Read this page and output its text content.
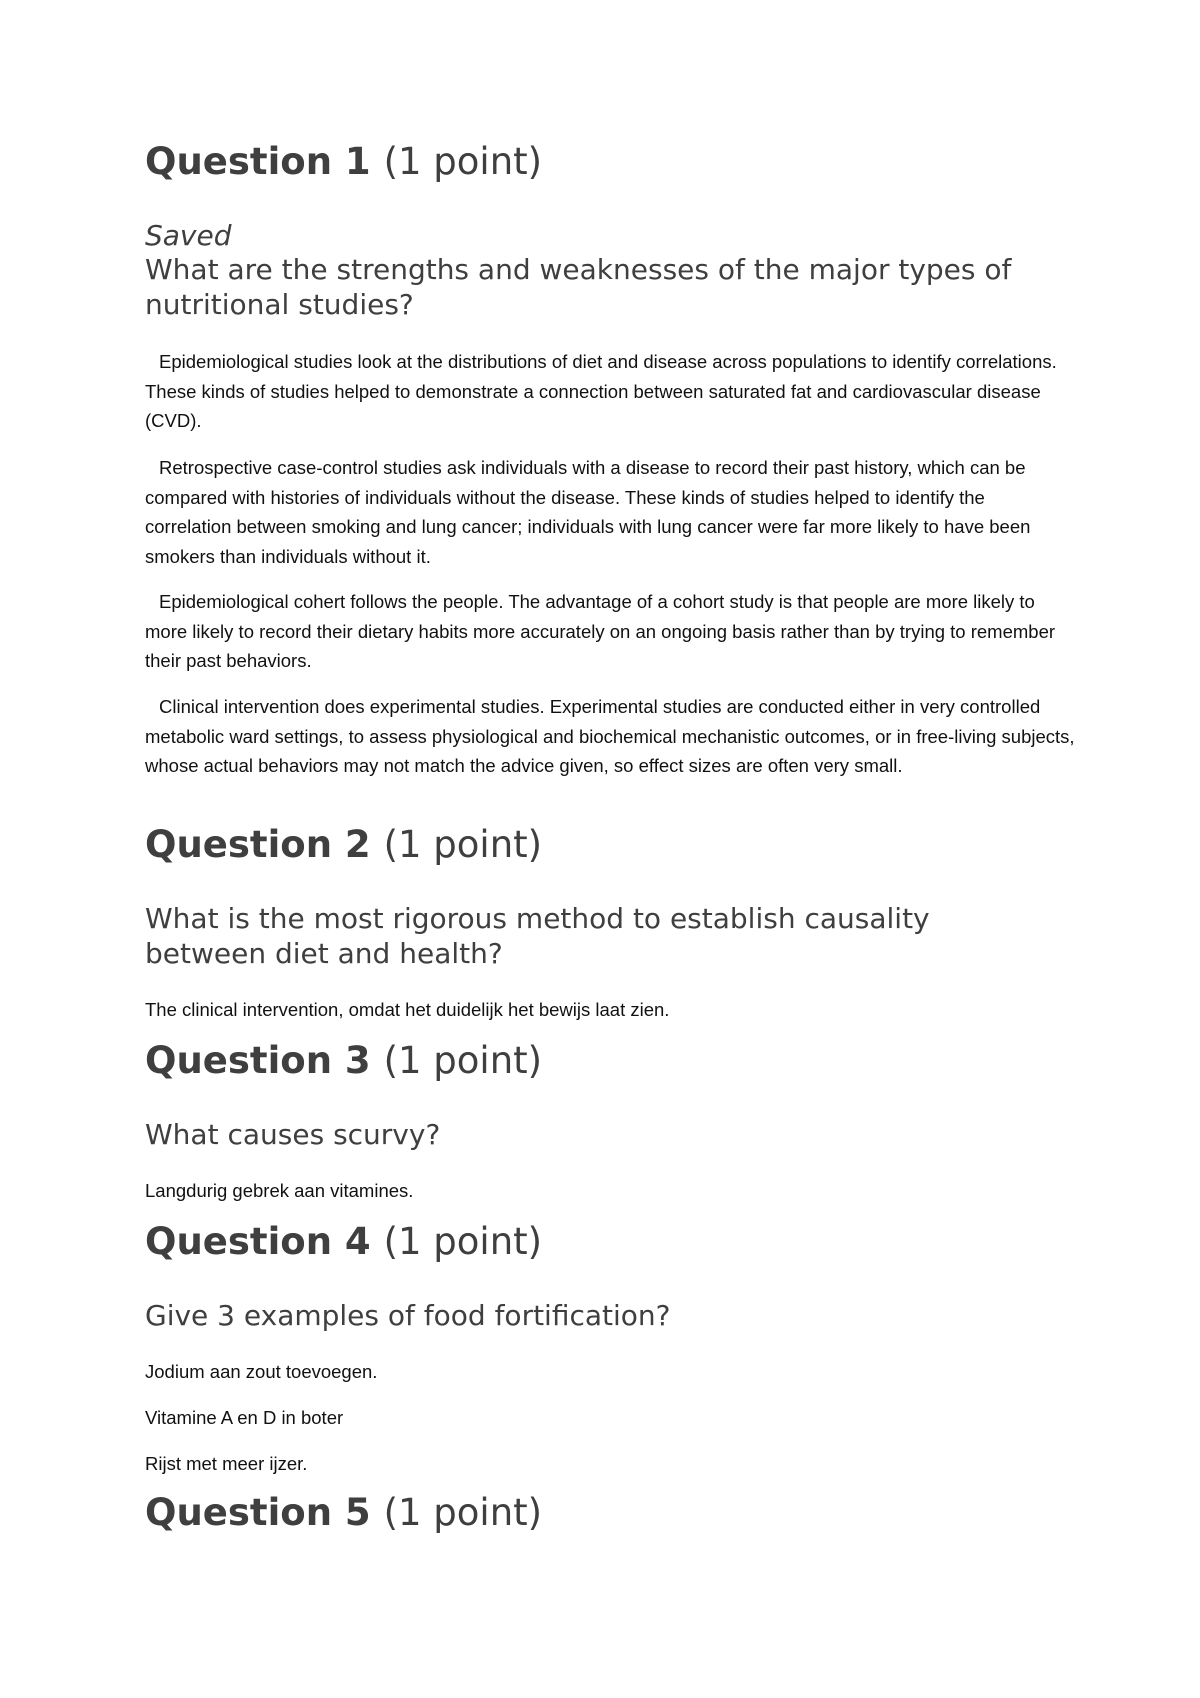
Question 1 (1 point)

Saved

What are the strengths and weaknesses of the major types of nutritional studies?

Epidemiological studies look at the distributions of diet and disease across populations to identify correlations. These kinds of studies helped to demonstrate a connection between saturated fat and cardiovascular disease (CVD).

Retrospective case-control studies ask individuals with a disease to record their past history, which can be compared with histories of individuals without the disease. These kinds of studies helped to identify the correlation between smoking and lung cancer; individuals with lung cancer were far more likely to have been smokers than individuals without it.

Epidemiological cohert follows the people. The advantage of a cohort study is that people are more likely to more likely to record their dietary habits more accurately on an ongoing basis rather than by trying to remember their past behaviors.

Clinical intervention does experimental studies. Experimental studies are conducted either in very controlled metabolic ward settings, to assess physiological and biochemical mechanistic outcomes, or in free-living subjects, whose actual behaviors may not match the advice given, so effect sizes are often very small.

Question 2 (1 point)

What is the most rigorous method to establish causality between diet and health?

The clinical intervention, omdat het duidelijk het bewijs laat zien.

Question 3 (1 point)

What causes scurvy?

Langdurig gebrek aan vitamines.

Question 4 (1 point)

Give 3 examples of food fortification?

Jodium aan zout toevoegen.

Vitamine A en D in boter

Rijst met meer ijzer.

Question 5 (1 point)
